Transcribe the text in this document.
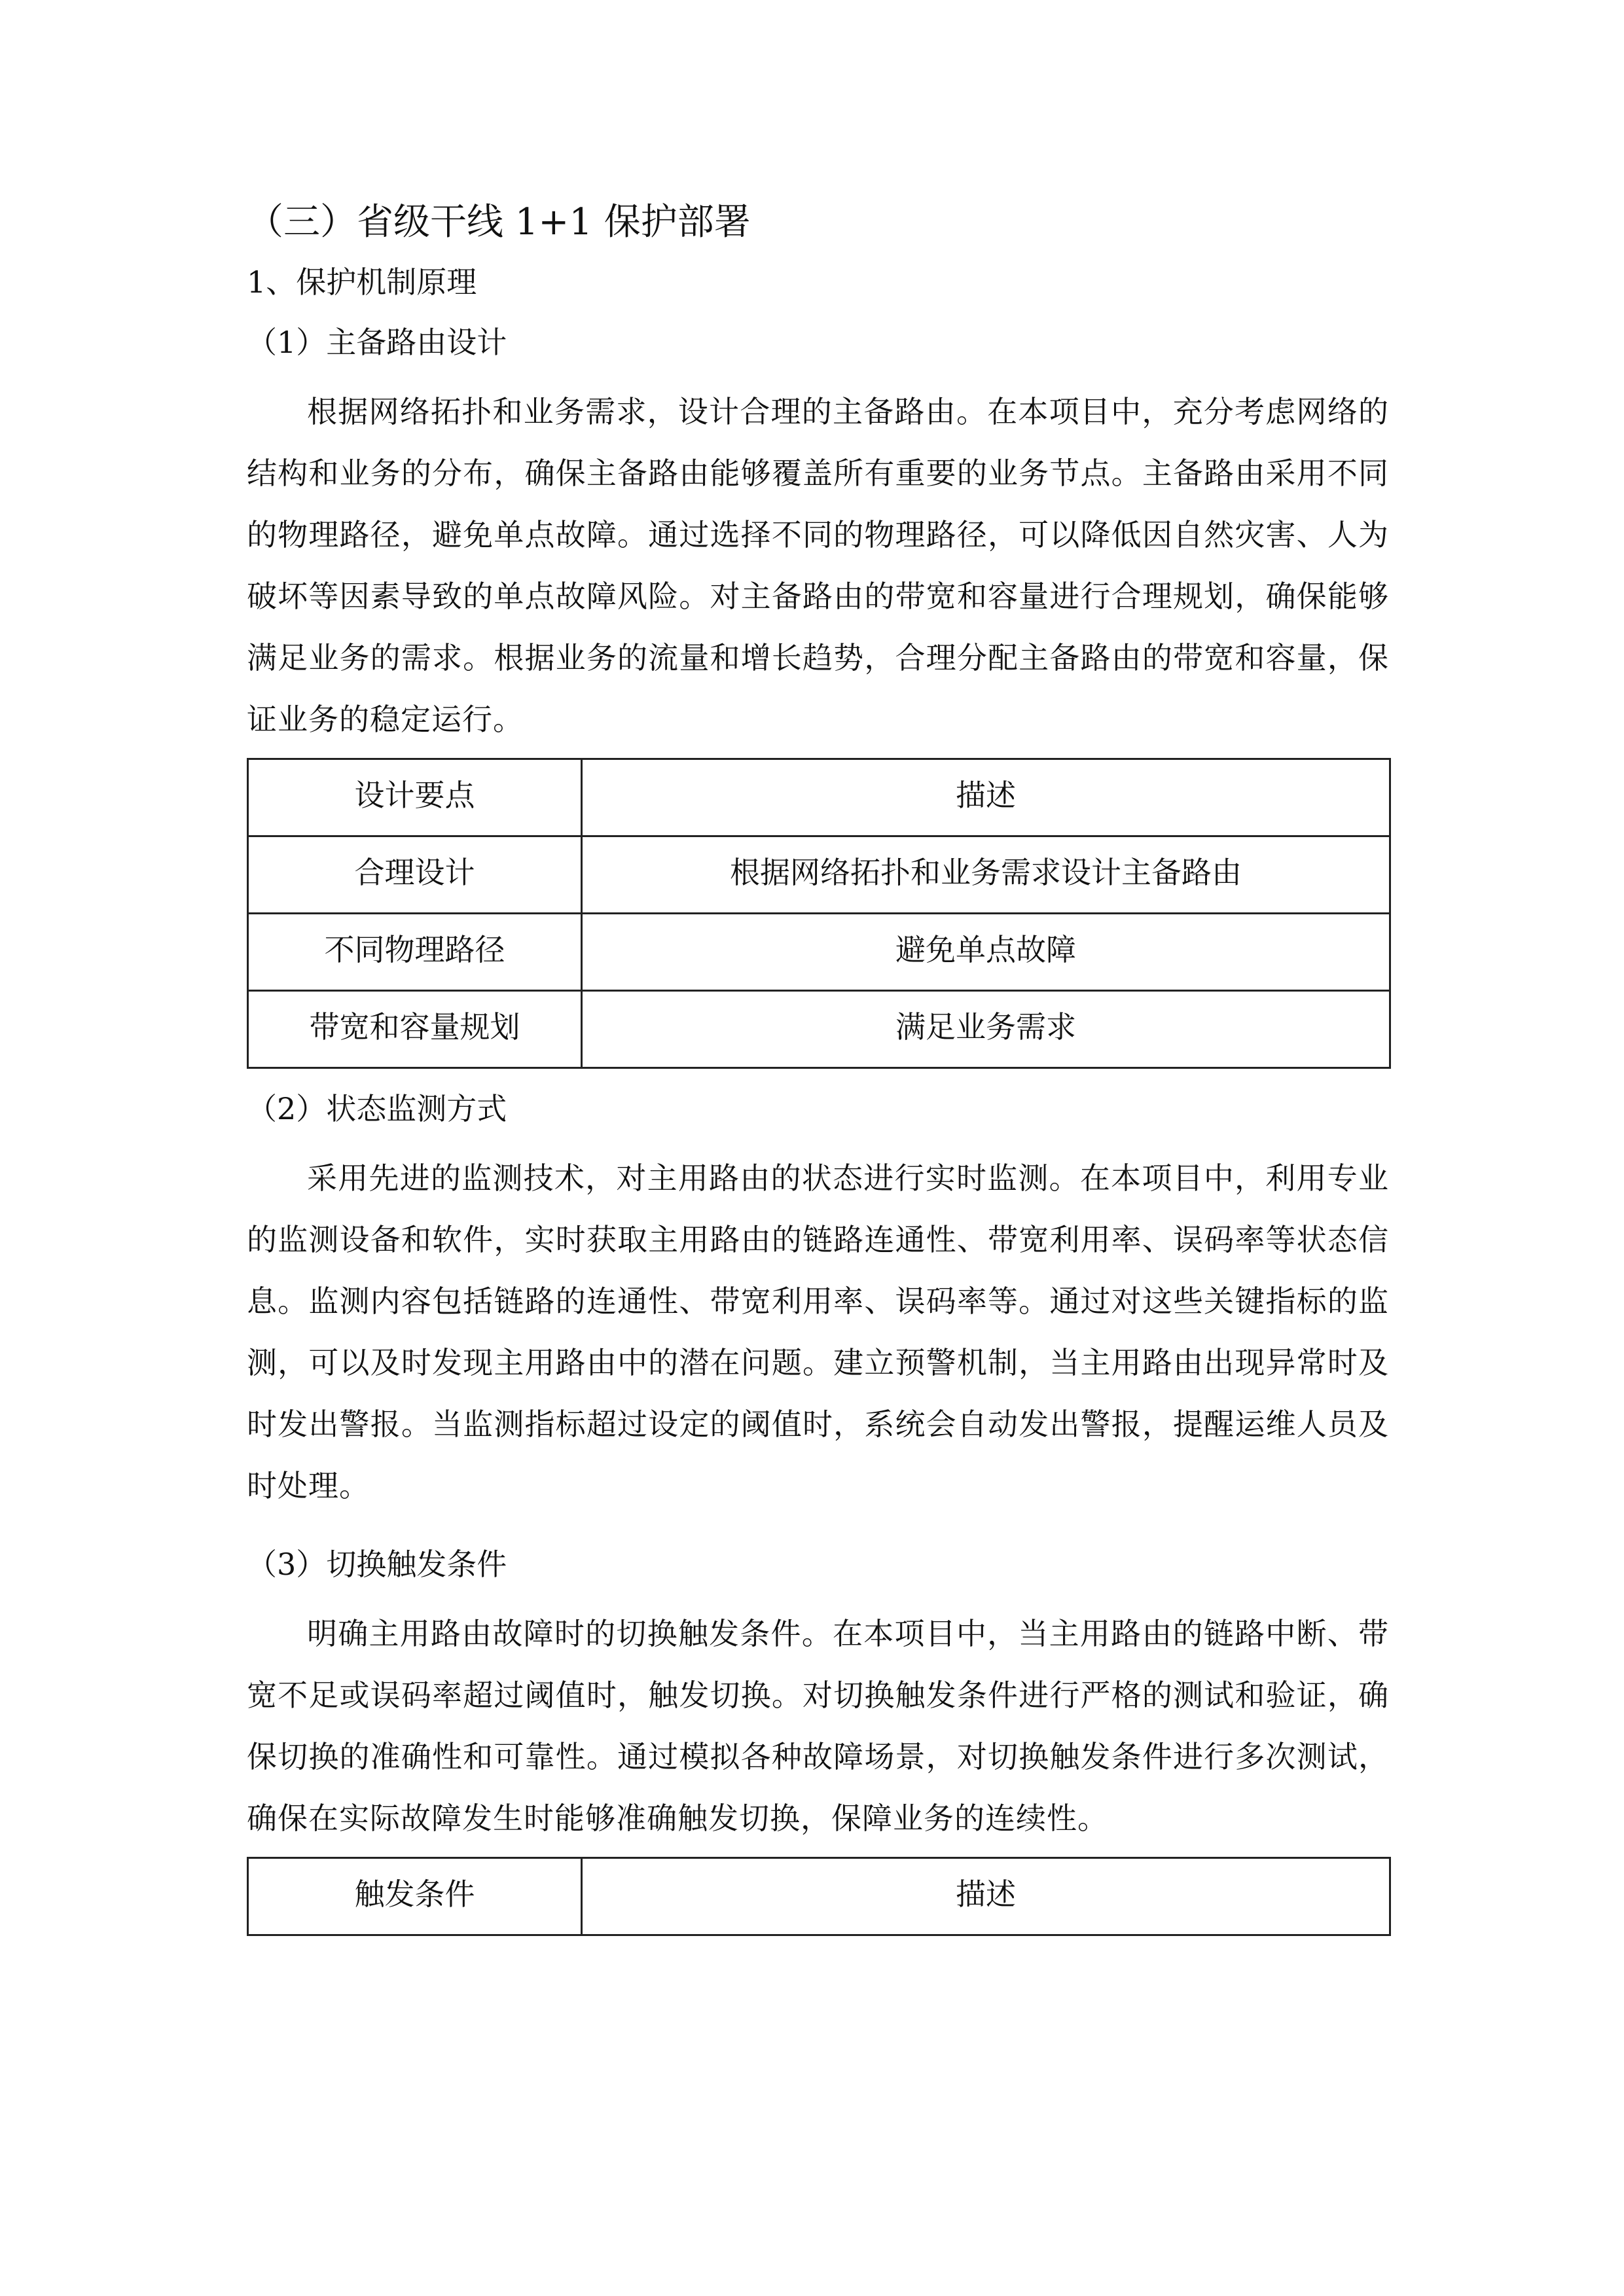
（三）省级干线 1+1 保护部署
1、保护机制原理
（1）主备路由设计

根据网络拓扑和业务需求，设计合理的主备路由。在本项目中，充分考虑网络的结构和业务的分布，确保主备路由能够覆盖所有重要的业务节点。主备路由采用不同的物理路径，避免单点故障。通过选择不同的物理路径，可以降低因自然灾害、人为破坏等因素导致的单点故障风险。对主备路由的带宽和容量进行合理规划，确保能够满足业务的需求。根据业务的流量和增长趋势，合理分配主备路由的带宽和容量，保证业务的稳定运行。

设计要点	描述
合理设计	根据网络拓扑和业务需求设计主备路由
不同物理路径	避免单点故障
带宽和容量规划	满足业务需求
（2）状态监测方式

采用先进的监测技术，对主用路由的状态进行实时监测。在本项目中，利用专业的监测设备和软件，实时获取主用路由的链路连通性、带宽利用率、误码率等状态信息。监测内容包括链路的连通性、带宽利用率、误码率等。通过对这些关键指标的监测，可以及时发现主用路由中的潜在问题。建立预警机制，当主用路由出现异常时及时发出警报。当监测指标超过设定的阈值时，系统会自动发出警报，提醒运维人员及时处理。

（3）切换触发条件

明确主用路由故障时的切换触发条件。在本项目中，当主用路由的链路中断、带宽不足或误码率超过阈值时，触发切换。对切换触发条件进行严格的测试和验证，确保切换的准确性和可靠性。通过模拟各种故障场景，对切换触发条件进行多次测试，确保在实际故障发生时能够准确触发切换，保障业务的连续性。

触发条件	描述
